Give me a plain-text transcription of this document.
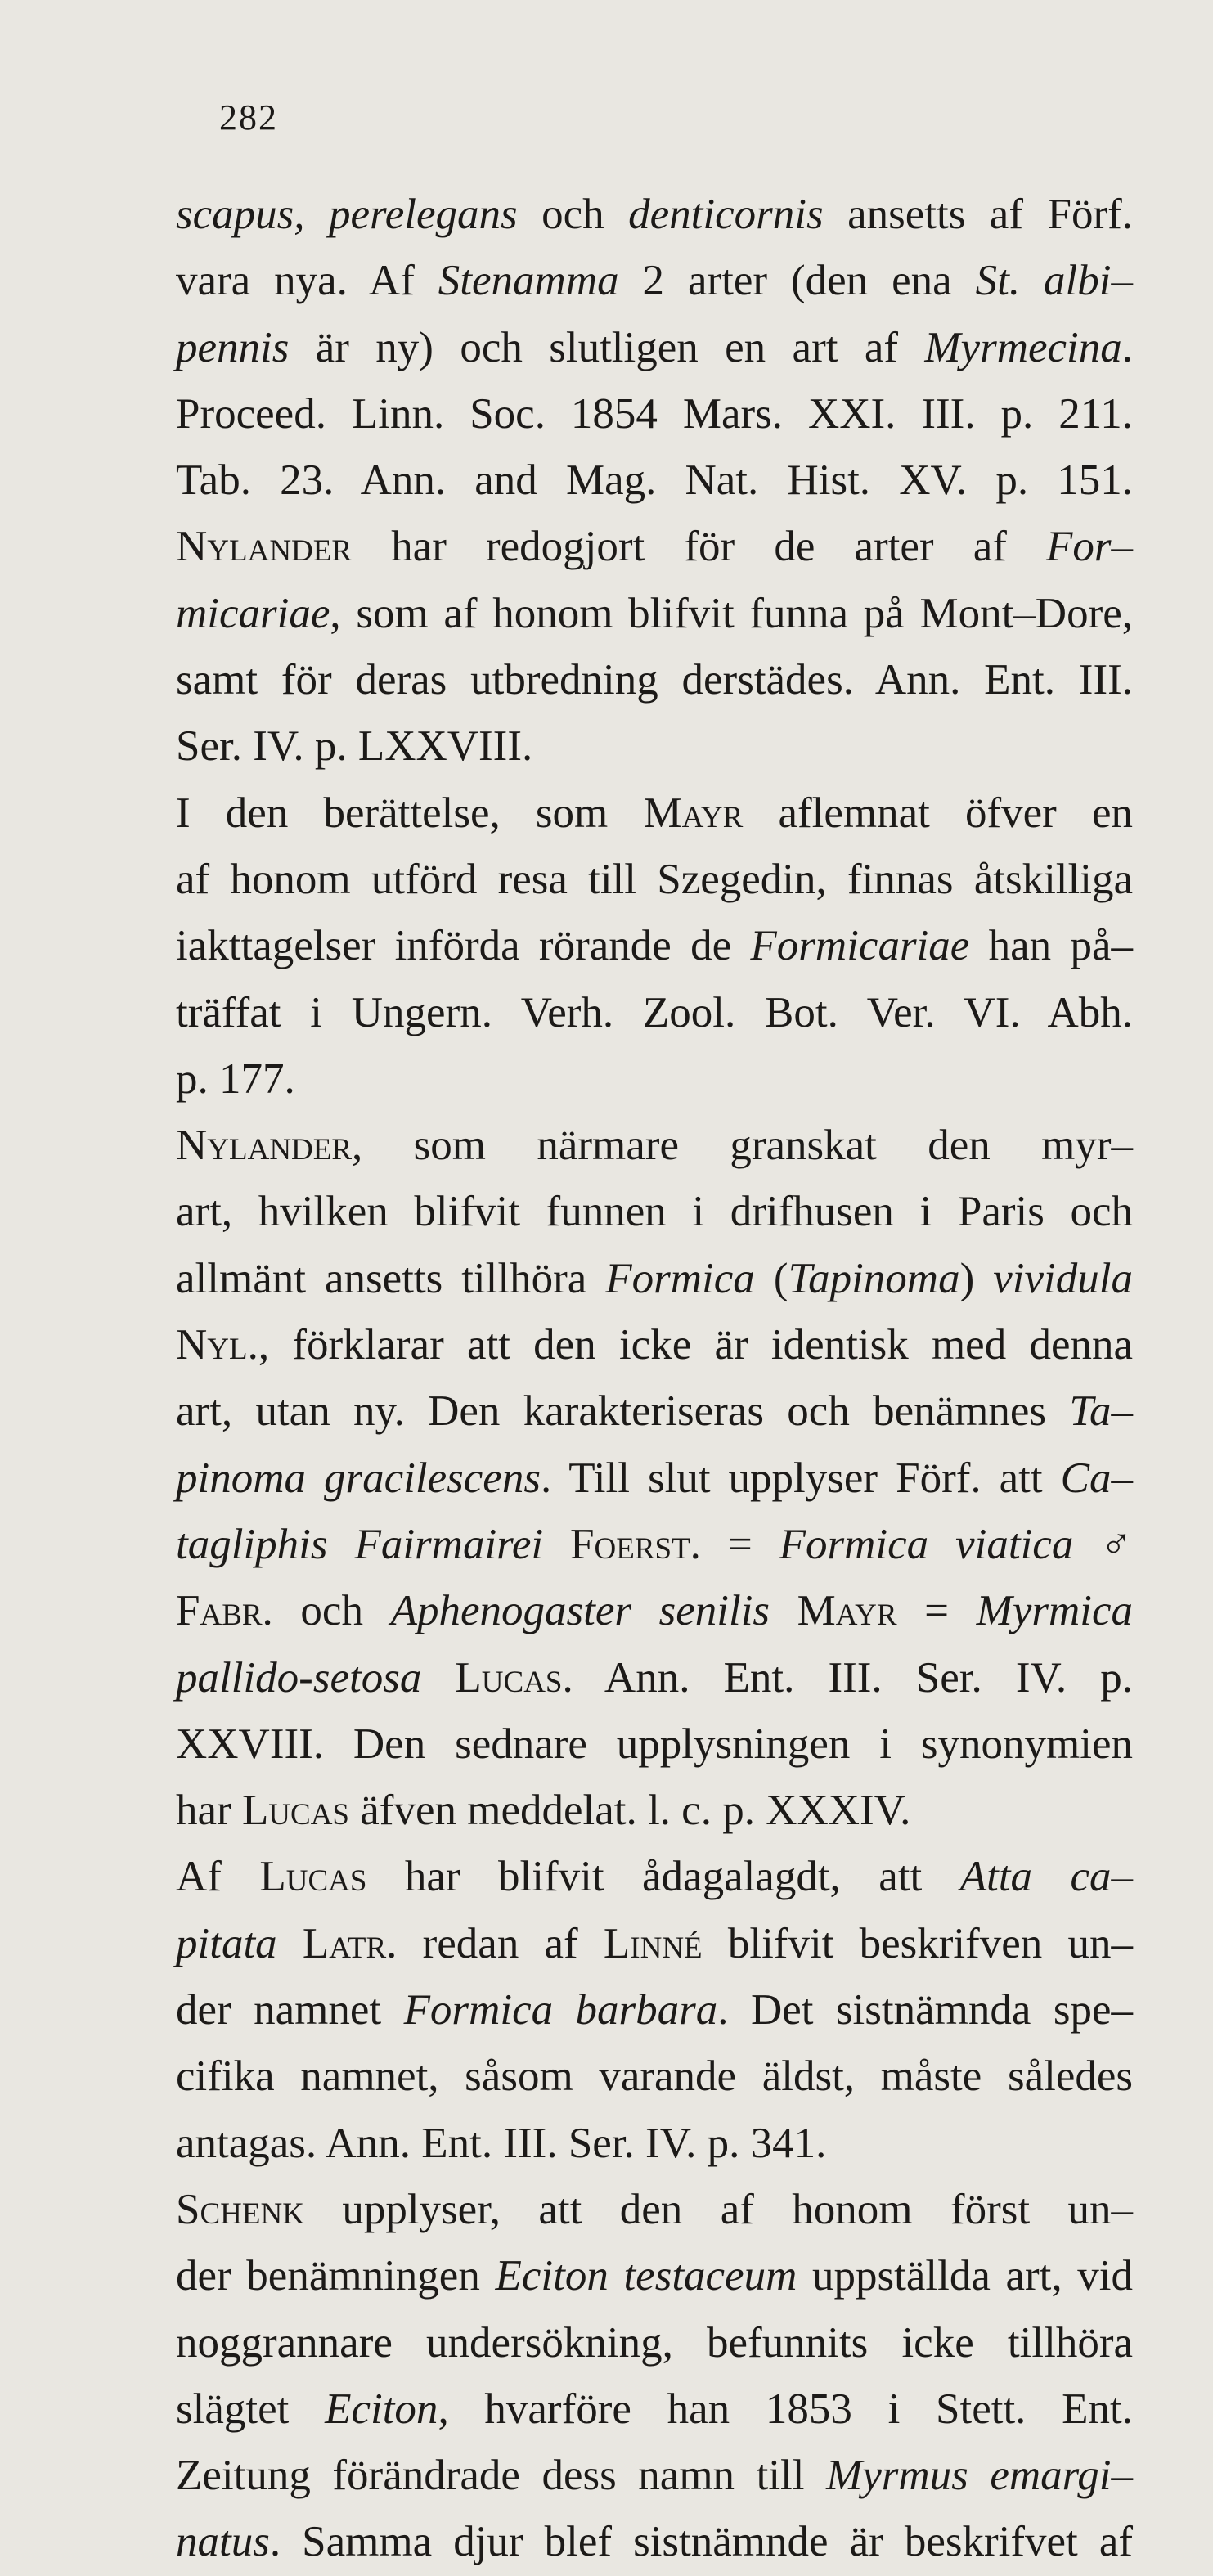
282
scapus, perelegans och denticornis ansetts af Förf.
vara nya. Af Stenamma 2 arter (den ena St. albi–
pennis är ny) och slutligen en art af Myrmecina.
Proceed. Linn. Soc. 1854 Mars. XXI. III. p. 211.
Tab. 23. Ann. and Mag. Nat. Hist. XV. p. 151.
Nylander har redogjort för de arter af For–
micariae, som af honom blifvit funna på Mont–Dore,
samt för deras utbredning derstädes. Ann. Ent. III.
Ser. IV. p. LXXVIII.
I den berättelse, som Mayr aflemnat öfver en
af honom utförd resa till Szegedin, finnas åtskilliga
iakttagelser införda rörande de Formicariae han på–
träffat i Ungern. Verh. Zool. Bot. Ver. VI. Abh.
p. 177.
Nylander, som närmare granskat den myr–
art, hvilken blifvit funnen i drifhusen i Paris och
allmänt ansetts tillhöra Formica (Tapinoma) vividula
Nyl., förklarar att den icke är identisk med denna
art, utan ny. Den karakteriseras och benämnes Ta–
pinoma gracilescens. Till slut upplyser Förf. att Ca–
tagliphis Fairmairei Foerst. = Formica viatica ♂
Fabr. och Aphenogaster senilis Mayr = Myrmica
pallido-setosa Lucas. Ann. Ent. III. Ser. IV. p.
XXVIII. Den sednare upplysningen i synonymien
har Lucas äfven meddelat. l. c. p. XXXIV.
Af Lucas har blifvit ådagalagdt, att Atta ca–
pitata Latr. redan af Linné blifvit beskrifven un–
der namnet Formica barbara. Det sistnämnda spe–
cifika namnet, såsom varande äldst, måste således
antagas. Ann. Ent. III. Ser. IV. p. 341.
Schenk upplyser, att den af honom först un–
der benämningen Eciton testaceum uppställda art, vid
noggrannare undersökning, befunnits icke tillhöra
slägtet Eciton, hvarföre han 1853 i Stett. Ent.
Zeitung förändrade dess namn till Myrmus emargi–
natus. Samma djur blef sistnämnde är beskrifvet af
